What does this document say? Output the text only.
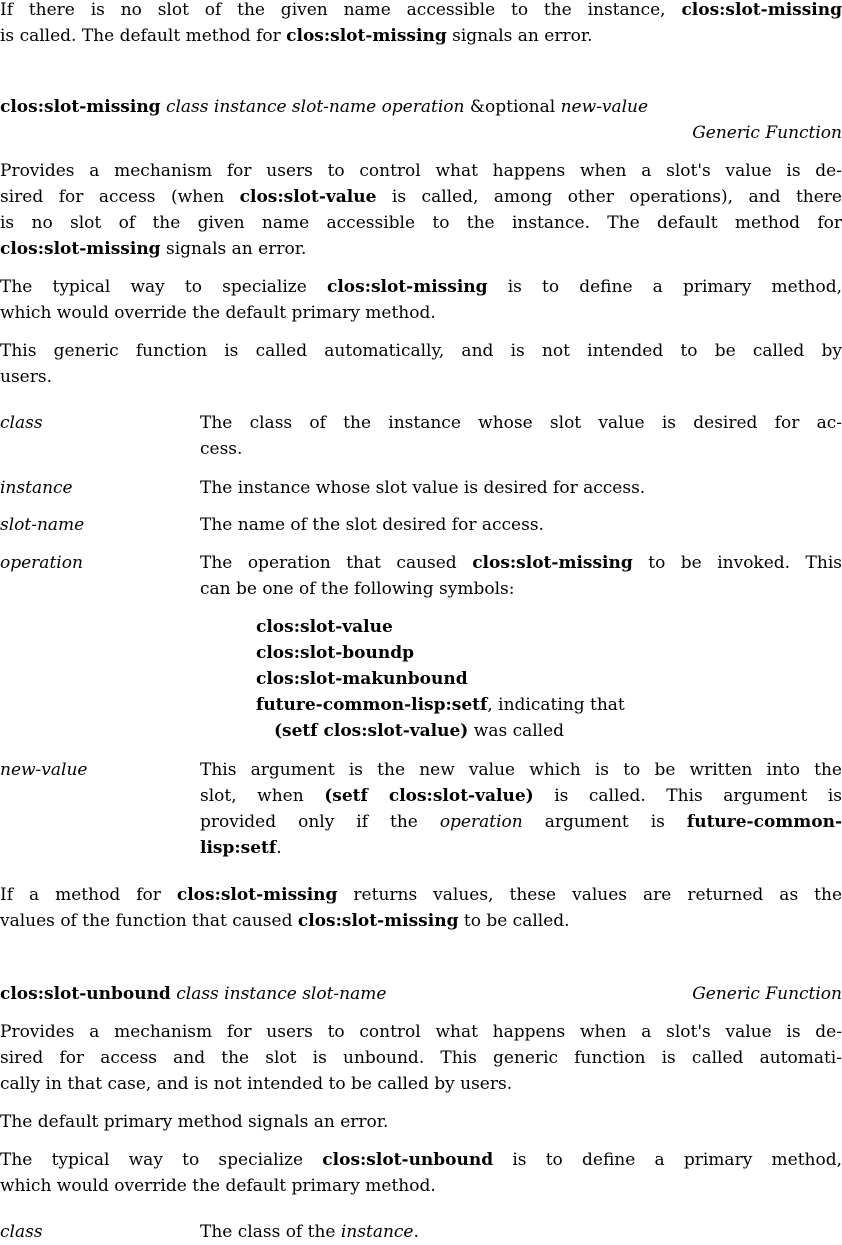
If there is no slot of the given name accessible to the instance, clos:slot-missing
is called. The default method for clos:slot-missing signals an error.
clos:slot-missing class instance slot-name operation &optional new-value
Generic Function
Provides a mechanism for users to control what happens when a slot's value is de-
sired for access (when clos:slot-value is called, among other operations), and there
is no slot of the given name accessible to the instance. The default method for
clos:slot-missing signals an error.
The typical way to specialize clos:slot-missing is to define a primary method,
which would override the default primary method.
This generic function is called automatically, and is not intended to be called by
users.
class	The class of the instance whose slot value is desired for ac-
cess.
instance	The instance whose slot value is desired for access.
slot-name	The name of the slot desired for access.
operation	The operation that caused clos:slot-missing to be invoked. This
can be one of the following symbols:
clos:slot-value
clos:slot-boundp
clos:slot-makunbound
future-common-lisp:setf, indicating that
(setf clos:slot-value) was called
new-value	This argument is the new value which is to be written into the
slot, when (setf clos:slot-value) is called. This argument is
provided only if the operation argument is future-common-
lisp:setf.
If a method for clos:slot-missing returns values, these values are returned as the
values of the function that caused clos:slot-missing to be called.
clos:slot-unbound class instance slot-name	Generic Function
Provides a mechanism for users to control what happens when a slot's value is de-
sired for access and the slot is unbound. This generic function is called automati-
cally in that case, and is not intended to be called by users.
The default primary method signals an error.
The typical way to specialize clos:slot-unbound is to define a primary method,
which would override the default primary method.
class	The class of the instance.
